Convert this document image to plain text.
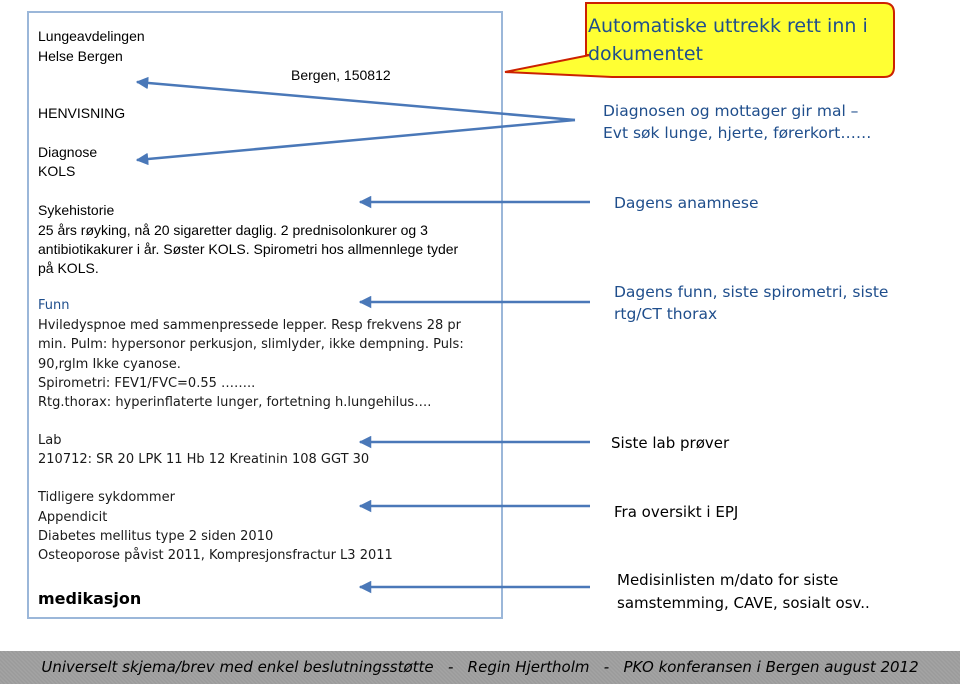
Lungeavdelingen
Helse Bergen
Bergen, 150812
HENVISNING
Diagnose
KOLS
Sykehistorie
25 års røyking, nå 20 sigaretter daglig. 2 prednisolonkurer og 3
antibiotikakurer i år. Søster KOLS. Spirometri hos allmennlege tyder
på KOLS.
Funn
Hviledyspnoe med sammenpressede lepper. Resp frekvens 28 pr
min. Pulm: hypersonor perkusjon, slimlyder, ikke dempning. Puls:
90,rglm Ikke cyanose.
Spirometri: FEV1/FVC=0.55 ……..
Rtg.thorax: hyperinflaterte lunger, fortetning h.lungehilus….
Lab
210712: SR 20 LPK 11 Hb 12 Kreatinin 108 GGT 30
Tidligere sykdommer
Appendicit
Diabetes mellitus type 2 siden 2010
Osteoporose påvist 2011, Kompresjonsfractur L3 2011
medikasjon
Automatiske uttrekk rett inn i
dokumentet
Diagnosen og mottager gir mal –
Evt søk lunge, hjerte, førerkort……
Dagens anamnese
Dagens funn, siste spirometri, siste
rtg/CT thorax
Siste lab prøver
Fra oversikt i EPJ
Medisinlisten m/dato for siste
samstemming, CAVE, sosialt osv..
Universelt skjema/brev med enkel beslutningsstøtte   -   Regin Hjertholm   -   PKO konferansen i Bergen august 2012
